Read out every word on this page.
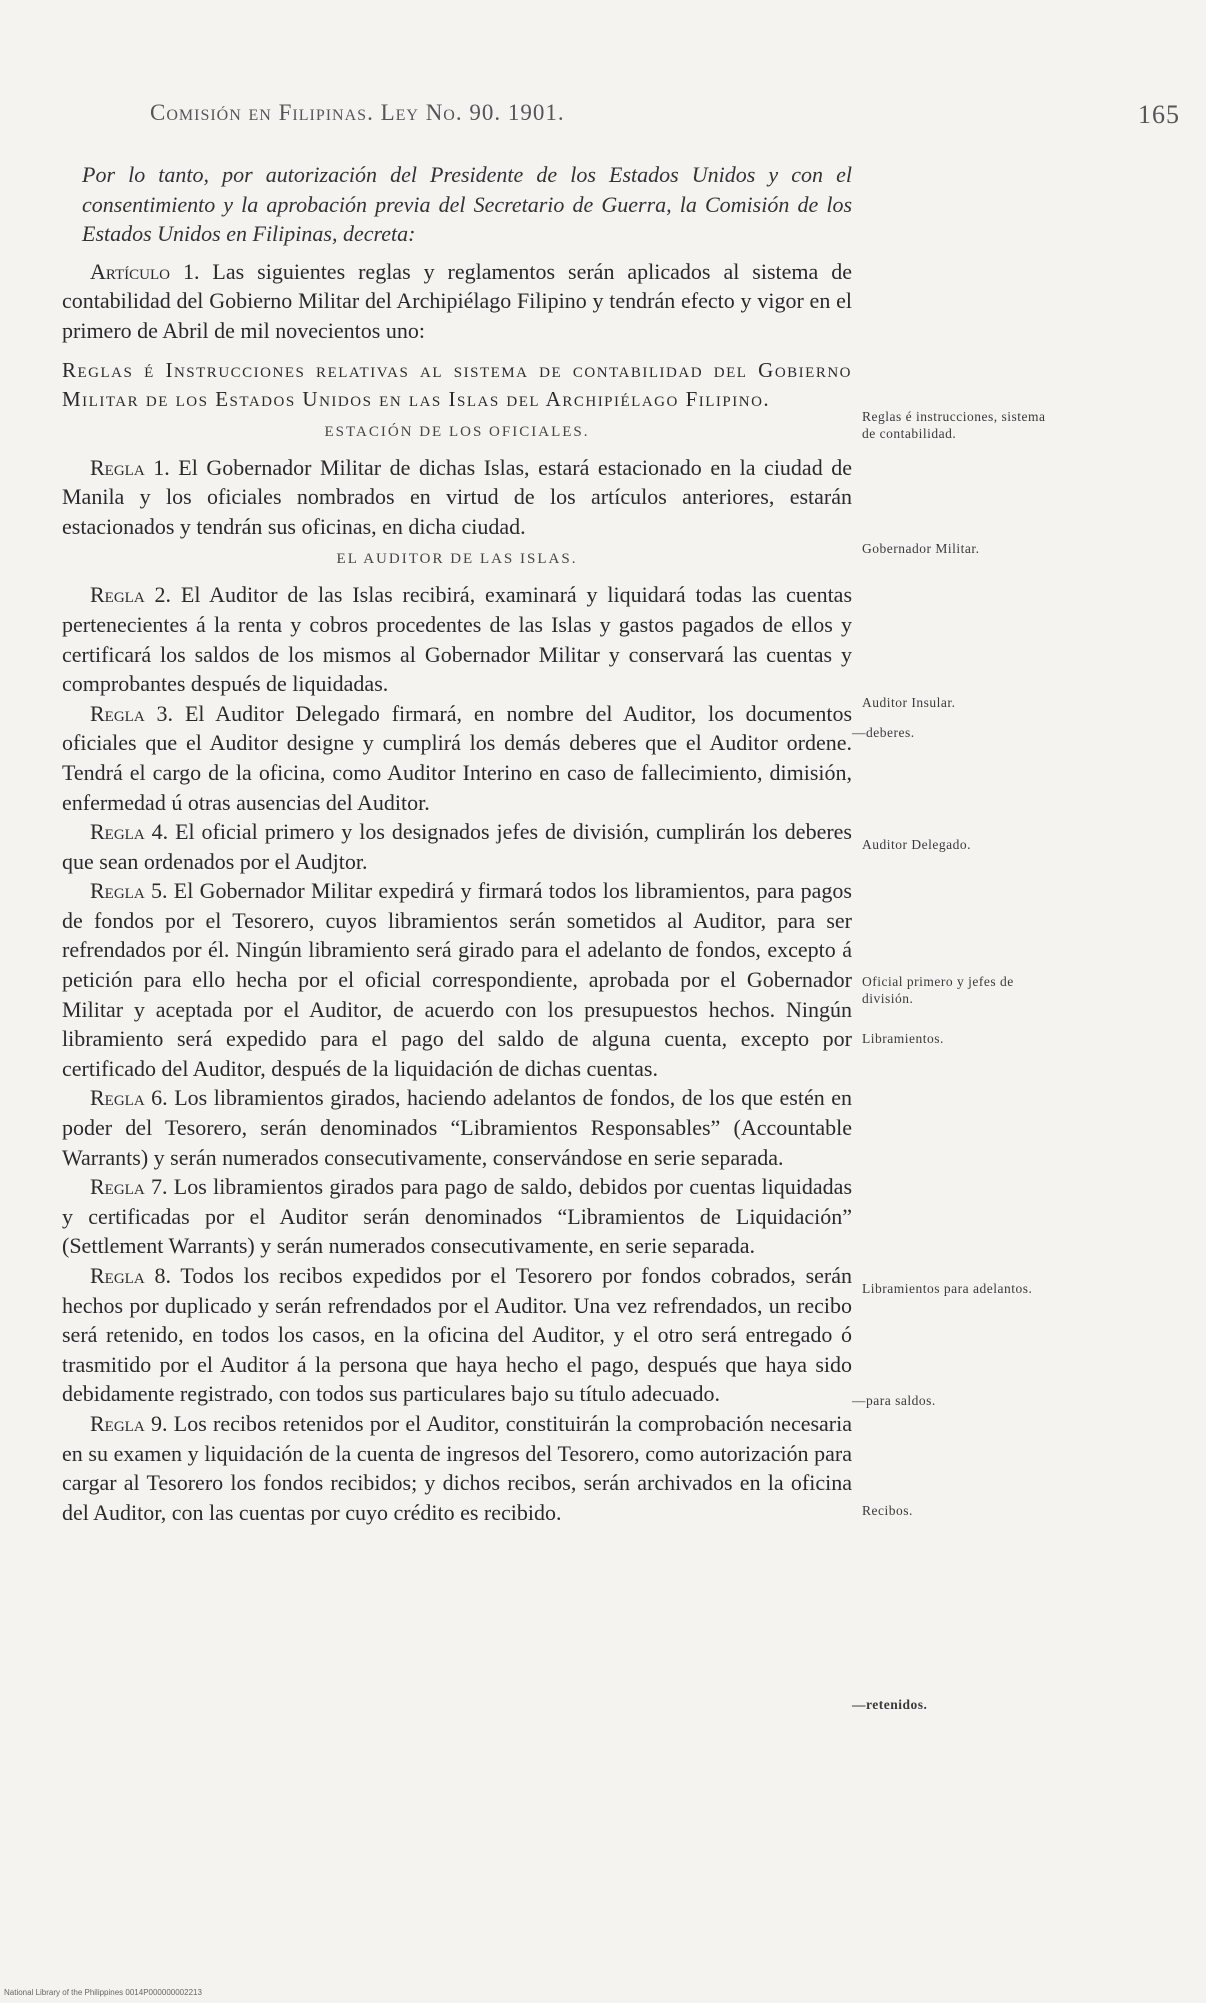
Comisión en Filipinas. Ley No. 90. 1901.	165

Por lo tanto, por autorización del Presidente de los Estados Unidos y con el consentimiento y la aprobación previa del Secretario de Guerra, la Comisión de los Estados Unidos en Filipinas, decreta:

Artículo 1. Las siguientes reglas y reglamentos serán aplicados al sistema de contabilidad del Gobierno Militar del Archipiélago Filipino y tendrán efecto y vigor en el primero de Abril de mil novecientos uno:

Reglas é Instrucciones relativas al sistema de contabilidad del Gobierno Militar de los Estados Unidos en las Islas del Archipiélago Filipino.

ESTACIÓN DE LOS OFICIALES.

Regla 1. El Gobernador Militar de dichas Islas, estará estacionado en la ciudad de Manila y los oficiales nombrados en virtud de los artículos anteriores, estarán estacionados y tendrán sus oficinas, en dicha ciudad.

EL AUDITOR DE LAS ISLAS.

Regla 2. El Auditor de las Islas recibirá, examinará y liquidará todas las cuentas pertenecientes á la renta y cobros procedentes de las Islas y gastos pagados de ellos y certificará los saldos de los mismos al Gobernador Militar y conservará las cuentas y comprobantes después de liquidadas.

Regla 3. El Auditor Delegado firmará, en nombre del Auditor, los documentos oficiales que el Auditor designe y cumplirá los demás deberes que el Auditor ordene. Tendrá el cargo de la oficina, como Auditor Interino en caso de fallecimiento, dimisión, enfermedad ú otras ausencias del Auditor.

Regla 4. El oficial primero y los designados jefes de división, cumplirán los deberes que sean ordenados por el Audjtor.

Regla 5. El Gobernador Militar expedirá y firmará todos los libramientos, para pagos de fondos por el Tesorero, cuyos libramientos serán sometidos al Auditor, para ser refrendados por él. Ningún libramiento será girado para el adelanto de fondos, excepto á petición para ello hecha por el oficial correspondiente, aprobada por el Gobernador Militar y aceptada por el Auditor, de acuerdo con los presupuestos hechos. Ningún libramiento será expedido para el pago del saldo de alguna cuenta, excepto por certificado del Auditor, después de la liquidación de dichas cuentas.

Regla 6. Los libramientos girados, haciendo adelantos de fondos, de los que estén en poder del Tesorero, serán denominados “Libramientos Responsables” (Accountable Warrants) y serán numerados consecutivamente, conservándose en serie separada.

Regla 7. Los libramientos girados para pago de saldo, debidos por cuentas liquidadas y certificadas por el Auditor serán denominados “Libramientos de Liquidación” (Settlement Warrants) y serán numerados consecutivamente, en serie separada.

Regla 8. Todos los recibos expedidos por el Tesorero por fondos cobrados, serán hechos por duplicado y serán refrendados por el Auditor. Una vez refrendados, un recibo será retenido, en todos los casos, en la oficina del Auditor, y el otro será entregado ó trasmitido por el Auditor á la persona que haya hecho el pago, después que haya sido debidamente registrado, con todos sus particulares bajo su título adecuado.

Regla 9. Los recibos retenidos por el Auditor, constituirán la comprobación necesaria en su examen y liquidación de la cuenta de ingresos del Tesorero, como autorización para cargar al Tesorero los fondos recibidos; y dichos recibos, serán archivados en la oficina del Auditor, con las cuentas por cuyo crédito es recibido.

Reglas é instrucciones, sistema de contabilidad.
Gobernador Militar.
Auditor Insular.
—deberes.
Auditor Delegado.
Oficial primero y jefes de división.
Libramientos.
Libramientos para adelantos.
—para saldos.
Recibos.
—retenidos.
National Library of the Philippines 0014P000000002213
